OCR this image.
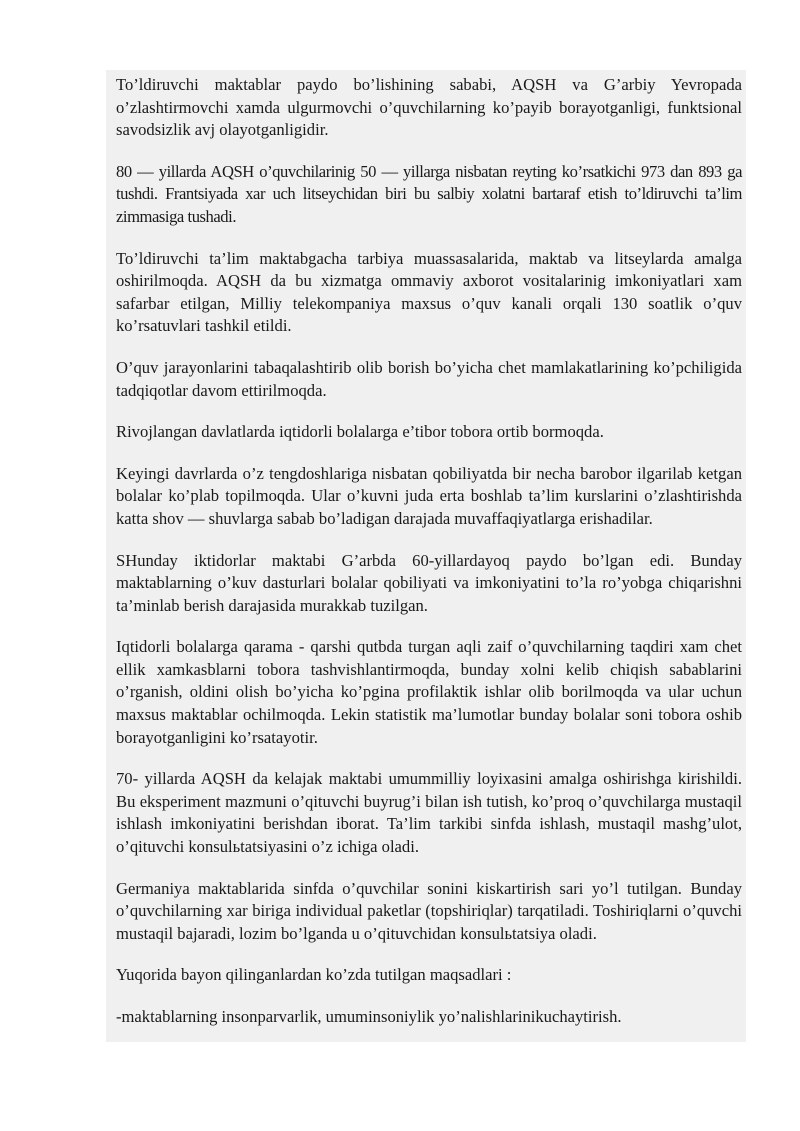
To’ldiruvchi maktablar paydo bo’lishining sababi, AQSH va G’arbiy Yevropada o’zlashtirmovchi xamda ulgurmovchi o’quvchilarning ko’payib borayotganligi, funktsional savodsizlik avj olayotganligidir.

80 — yillarda AQSH o’quvchilarinig 50 — yillarga nisbatan reyting ko’rsatkichi 973 dan 893 ga tushdi. Frantsiyada xar uch litseychidan biri bu salbiy xolatni bartaraf etish to’ldiruvchi ta’lim zimmasiga tushadi.

To’ldiruvchi ta’lim maktabgacha tarbiya muassasalarida, maktab va litseylarda amalga oshirilmoqda. AQSH da bu xizmatga ommaviy axborot vositalarinig imkoniyatlari xam safarbar etilgan, Milliy telekompaniya maxsus o’quv kanali orqali 130 soatlik o’quv ko’rsatuvlari tashkil etildi.

O’quv jarayonlarini tabaqalashtirib olib borish bo’yicha chet mamlakatlarining ko’pchiligida tadqiqotlar davom ettirilmoqda.

Rivojlangan davlatlarda iqtidorli bolalarga e’tibor tobora ortib bormoqda.

Keyingi davrlarda o’z tengdoshlariga nisbatan qobiliyatda bir necha barobor ilgarilab ketgan bolalar ko’plab topilmoqda. Ular o’kuvni juda erta boshlab ta’lim kurslarini o’zlashtirishda katta shov — shuvlarga sabab bo’ladigan darajada muvaffaqiyatlarga erishadilar.

SHunday iktidorlar maktabi G’arbda 60-yillardayoq paydo bo’lgan edi. Bunday maktablarning o’kuv dasturlari bolalar qobiliyati va imkoniyatini to’la ro’yobga chiqarishni ta’minlab berish darajasida murakkab tuzilgan.

Iqtidorli bolalarga qarama - qarshi qutbda turgan aqli zaif o’quvchilarning taqdiri xam chet ellik xamkasblarni tobora tashvishlantirmoqda, bunday xolni kelib chiqish sabablarini o’rganish, oldini olish bo’yicha ko’pgina profilaktik ishlar olib borilmoqda va ular uchun maxsus maktablar ochilmoqda. Lekin statistik ma’lumotlar bunday bolalar soni tobora oshib borayotganligini ko’rsatayotir.

70- yillarda AQSH da kelajak maktabi umummilliy loyixasini amalga oshirishga kirishildi. Bu eksperiment mazmuni o’qituvchi buyrug’i bilan ish tutish, ko’proq o’quvchilarga mustaqil ishlash imkoniyatini berishdan iborat. Ta’lim tarkibi sinfda ishlash, mustaqil mashg’ulot, o’qituvchi konsulьtatsiyasini o’z ichiga oladi.

Germaniya maktablarida sinfda o’quvchilar sonini kiskartirish sari yo’l tutilgan. Bunday o’quvchilarning xar biriga individual paketlar (topshiriqlar) tarqatiladi. Toshiriqlarni o’quvchi mustaqil bajaradi, lozim bo’lganda u o’qituvchidan konsulьtatsiya oladi.

Yuqorida bayon qilinganlardan ko’zda tutilgan maqsadlari :

-maktablarning insonparvarlik, umuminsoniylik yo’nalishlarinikuchaytirish.
